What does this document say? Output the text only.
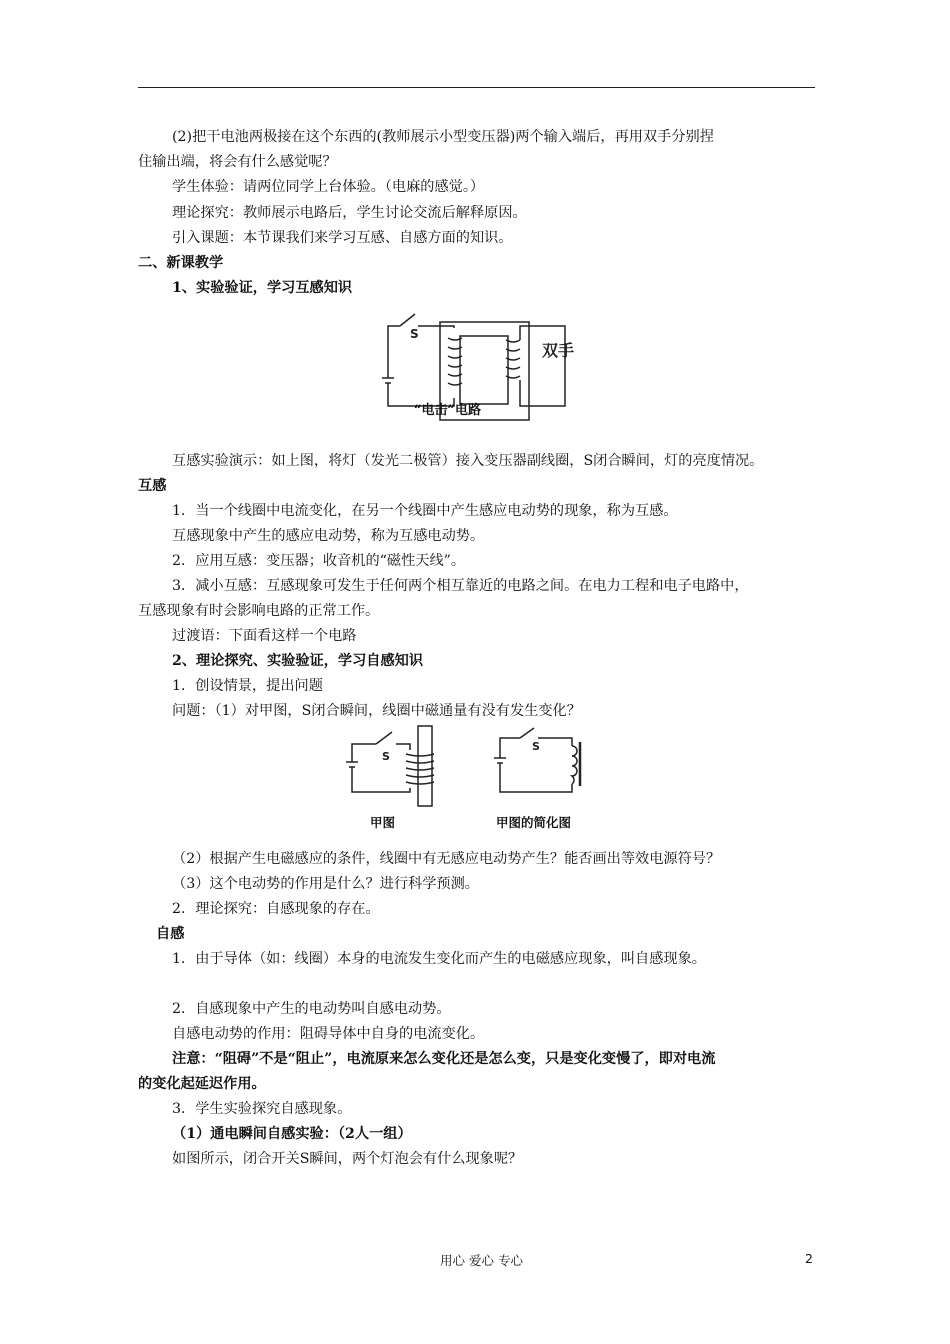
(2)把干电池两极接在这个东西的(教师展示小型变压器)两个输入端后，再用双手分别捏
住输出端，将会有什么感觉呢？
学生体验：请两位同学上台体验。（电麻的感觉。）
理论探究：教师展示电路后，学生讨论交流后解释原因。
引入课题：本节课我们来学习互感、自感方面的知识。
二、新课教学
1、实验验证，学习互感知识
S
双手
“电击”电路
互感实验演示：如上图，将灯（发光二极管）接入变压器副线圈，S闭合瞬间，灯的亮度情况。
互感
1．当一个线圈中电流变化，在另一个线圈中产生感应电动势的现象，称为互感。
互感现象中产生的感应电动势，称为互感电动势。
2．应用互感：变压器；收音机的“磁性天线”。
3．减小互感：互感现象可发生于任何两个相互靠近的电路之间。在电力工程和电子电路中，
互感现象有时会影响电路的正常工作。
过渡语：下面看这样一个电路
2、理论探究、实验验证，学习自感知识
1．创设情景，提出问题
问题：（1）对甲图，S闭合瞬间，线圈中磁通量有没有发生变化？
S
S
甲图	甲图的简化图
（2）根据产生电磁感应的条件，线圈中有无感应电动势产生？能否画出等效电源符号？
（3）这个电动势的作用是什么？进行科学预测。
2．理论探究：自感现象的存在。
自感
1．由于导体（如：线圈）本身的电流发生变化而产生的电磁感应现象，叫自感现象。
2．自感现象中产生的电动势叫自感电动势。
自感电动势的作用：阻碍导体中自身的电流变化。
注意：“阻碍”不是“阻止”，电流原来怎么变化还是怎么变，只是变化变慢了，即对电流
的变化起延迟作用。
3．学生实验探究自感现象。
（1）通电瞬间自感实验：（2人一组）
如图所示，闭合开关S瞬间，两个灯泡会有什么现象呢？
用心 爱心 专心	2
